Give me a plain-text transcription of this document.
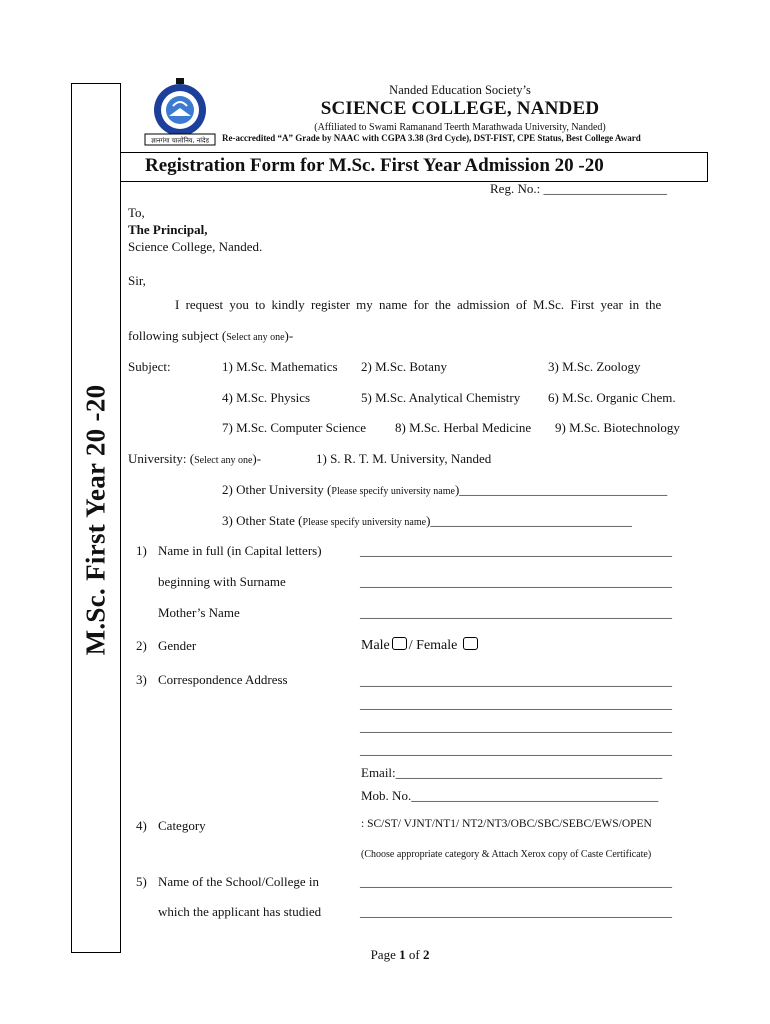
M.Sc. First Year 20 -20
ज्ञानगंगा चालोनिय, नांदेड
Nanded Education Society’s
SCIENCE COLLEGE, NANDED
(Affiliated to Swami Ramanand Teerth Marathwada University, Nanded)
Re-accredited “A” Grade by NAAC with CGPA 3.38 (3rd Cycle), DST-FIST, CPE Status, Best College Award
Registration Form for M.Sc. First Year Admission 20 -20
Reg. No.: ___________________
To,
The Principal,
Science College, Nanded.
Sir,
I request you to kindly register my name for the admission of M.Sc. First year in the
following subject (Select any one)-
Subject:	1) M.Sc. Mathematics 2) M.Sc. Botany	3) M.Sc. Zoology
4) M.Sc. Physics	5) M.Sc. Analytical Chemistry 6) M.Sc. Organic Chem.
7) M.Sc. Computer Science 8) M.Sc. Herbal Medicine 9) M.Sc. Biotechnology
University: (Select any one)-	1) S. R. T. M. University, Nanded
2) Other University (Please specify university name)________________________________
3) Other State (Please specify university name)_______________________________
1) Name in full (in Capital letters)	________________________________________________
beginning with Surname	________________________________________________
Mother’s Name	________________________________________________
2) Gender	Male / Female
3) Correspondence Address	________________________________________________
________________________________________________
________________________________________________
________________________________________________
Email:_________________________________________
Mob. No.______________________________________
4) Category	: SC/ST/ VJNT/NT1/ NT2/NT3/OBC/SBC/SEBC/EWS/OPEN
(Choose appropriate category & Attach Xerox copy of Caste Certificate)
5) Name of the School/College in	________________________________________________
which the applicant has studied	________________________________________________
Page 1 of 2
